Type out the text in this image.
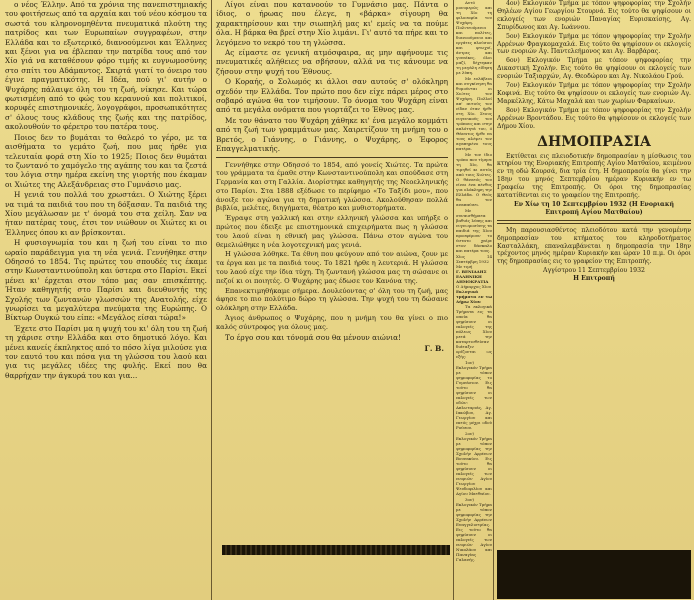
ο νέος Έλλην. Από τα χρόνια της πανεπιστημιακής του φοιτήσεως από τα αρχαία και τού νέου κόσμου τα σωστά του κληρονομηθέντα πνευματικά πλούτη της πατρίδος και των Ευρωπαίων συγγραφέων, στην Ελλάδα και το εξωτερικό, διανοούμενοι και Έλληνες και ξένοι για να έβλεπαν την πατρίδα τους από τον Χίο γιά να καταθέσουν φόρο τιμής κι ευγνωμοσύνης στο σπίτι του Αδάμαντος. Σκιρτά γιατί το όνειρο του έγινε πραγματικότης. Η Ιδέα, πού γι' αυτήν ο Ψυχάρης πάλαιψε όλη του τη ζωή, νίκησε. Και τώρα φωτισμένη από το φώς του κεραυνού και πολιτικοί, κορυφές επιστημονικές, λογογράφοι, προσωπικότητες σ' όλους τους κλάδους της ζωής και της πατρίδος, ακολουθούν το φέρετρο του πατέρα τους.

Ποιος δεν το βυμάται το θαλερό το γέρο, με τα αισθήματα το γεμάτο ζωή, που μας ήρθε για τελευταία φορά στη Χίο το 1925; Ποιος δεν θυμάται το ζωντανό το χαμόγελο της αγάπης του και τα ζεστά του λόγια στην ημέρα εκείνη της γιορτής που έκαμαν οι Χιώτες της Αλεξάνδρειας στο Γυμνάσιο μας.

Η γενιά του πολλά του χρωστάει. Ο Χιώτης ξέρει να τιμά τα παιδιά του που τη δόξασαν. Τα παιδιά της Χίου μεγάλωσαν με τ' όνομά του στα χείλη. Σαν να ήταν πατέρας τους, έτσι τον νιώθουν οι Χιώτες κι οι Έλληνες όπου κι αν βρίσκονται.

Η φυσιογνωμία του και η ζωή του είναι το πιο ωραίο παράδειγμα για τη νέα γενιά. Γεννήθηκε στην Οδησσό το 1854. Τις πρώτες του σπουδές τις έκαμε στην Κωνσταντινούπολη και ύστερα στο Παρίσι. Εκεί μένει κι' έρχεται στον τόπο μας σαν επισκέπτης. Ήταν καθηγητής στο Παρίσι και διευθυντής της Σχολής των ζωντανών γλωσσών της Ανατολής, είχε γνωρίσει τα μεγαλύτερα πνεύματα της Ευρώπης. Ο Βίκτωρ Ουγκώ του είπε: «Μεγάλος είσαι τώρα!»

Έχετε στο Παρίσι μα η ψυχή του κι' όλη του τη ζωή τη χάρισε στην Ελλάδα και στο δημοτικό λόγο. Και μένει κανείς έκπληκτος από το πόσο λίγα μιλούσε για τον εαυτό του και πόσα για τη γλώσσα του λαού και για τις μεγάλες ιδέες της φυλής. Εκεί που θα θαρρήχαν την άγκυρά του και για...

Λίγοι είναι που κατανοούν το Γυμνάσιο μας. Πάντα ο ίδιος, ο ήρωας που έλεγε, η «βάρκα» σίγουρη θα χαρακτηρίσουν και την σιωπηλή μας κι' εμείς να τα πούμε όλα. Η βάρκα θα βρεί στην Χίο λιμάνι. Γι' αυτό τα πήρε και το λεγόμενο το νεκρό του τη γλώσσα.

Ας είμαστε σε γενική ατμόσφαιρα, ας μην αφήνουμε τις πνευματικές αλήθειες να σβήσουν, αλλά να τις κάνουμε να ζήσουν στην ψυχή του Έθνους.

Ο Κοραής, ο Σολωμός κι άλλοι σαν αυτούς σ' ολόκληρη σχεδόν την Ελλάδα. Τον πρώτο που δεν είχε πάρει μέρος στο σοβαρό αγώνα θα τον τιμήσουν. Το όνομα του Ψυχάρη είναι από τα μεγάλα ονόματα που γιορτάζει το Έθνος μας.

Με τον θάνατο του Ψυχάρη χάθηκε κι' ένα μεγάλο κομμάτι από τη ζωή των γραμμάτων μας. Χαιρετίζουν τη μνήμη του ο Βρετός, ο Γιάννης, ο Γιάννης, ο Ψυχάρης, ο Έφορος Επαγγελματικής.

Γεννήθηκε στην Οδησσό το 1854, από γονείς Χιώτες. Τα πρώτα του γράμματα τα έμαθε στην Κωνσταντινούπολη και σπούδασε στη Γερμανία και στη Γαλλία. Διορίστηκε καθηγητής της Νεοελληνικής στο Παρίσι. Στα 1888 εξέδωσε το περίφημο «Το Ταξίδι μου», που άνοιξε τον αγώνα για τη δημοτική γλώσσα. Ακολούθησαν πολλά βιβλία, μελέτες, διηγήματα, θέατρο και μυθιστορήματα.

Έγραψε στη γαλλική και στην ελληνική γλώσσα και υπήρξε ο πρώτος που έδειξε με επιστημονικά επιχειρήματα πως η γλώσσα του λαού είναι η εθνική μας γλώσσα. Πάνω στον αγώνα του θεμελιώθηκε η νέα λογοτεχνική μας γενιά.

Η γλώσσα λόθηκε. Τα έθνη που φεύγουν από τον αιώνα, ζουν με τα έργα και με τα παιδιά τους. Το 1821 ήρθε η λευτεριά. Η γλώσσα του λαού είχε την ίδια τύχη. Τη ζωντανή γλώσσα μας τη σώσανε οι πεζοί κι οι ποιητές. Ο Ψυχάρης μας έδωσε τον Κανόνα της.

Επανεκτιμηθήκαμε σήμερα. Δουλεύοντας σ' όλη του τη ζωή, μας άφησε το πιο πολύτιμο δώρο τη γλώσσα. Την ψυχή του τη δώσανε ολόκληρη στην Ελλάδα.

Άγιος άνθρωπος ο Ψυχάρης, που η μνήμη του θα γίνει ο πιο καλός σύντροφος για όλους μας.

Το έργο σου και τόνομά σου θα μένουν αιώνια!
Γ. Β.

Αυτό μονομερώς και τη Χίο τη φιλοσοφία του Ψυχάρη. Πολιτευόμενοι και πολίτες, διανοούμενοι και εργάτες πλούσιοι και φτωχοί, άντρες και γυναίκες, όλοι μαζί, δέχτηκαν τη μεγάλη είδηση με λύπη.

Με ευλάβεια και συγκίνηση θα θυμούνται οι Χιώτες τον Ψυχάρη. Πολλοί απ' αυτούς τον είδαν όταν ήρθε στη Χίο. Στους ευγενικούς του τρόπους και στην απλότητά του, ό Θάνατος ήρθε να τους κλέψει τον αγαπημένο τους πατέρα.

Με τον ίδιο τρόπο που τίμησε τη Χίο, θα τιμηθεί κι αυτός από τους Χιώτες. Ο θάνατός του είναι ένα πένθος για ολόκληρη την Ελλάδα. Ο Θεός θα τον αναπαύσει.

Με συναισθήματα βαθιάς λύπης και ευγνωμοσύνης τα παιδιά της Χίου προσφέρουν το ύστατο χαίρε στον δάσκαλο και πατέρα τους.

Χίος 14 Σεπτέμβρη 1932
Με τιμή
Γ. ΒΕΝΙΑΔΗΣ
ΕΛΛΗΝΙΚΗ ΔΗΜΟΚΡΑΤΙΑ
Ο Δήμαρχος Χίου
Εκλογικά τμήματα εν τω Δήμω Χίου

Τα εκλογικά Τμήματα εις τα οποία θα ψηφίσουν οι εκλογείς της πόλεως Χίου μετά την καταρτισθείσαν διάταξιν ορίζονται ως εξής:

1ον) Εκλογικόν Τμήμα με τόπον ψηφοφορίας το Γυμνάσιον. Εις τούτο θα ψηφίσουν οι εκλογείς των οδών: Απλωταριάς, Αγ. Ιακώβου, Αγ. Γεωργίου και εκτός μέχρι οδού Ρούσου.

2ον) Εκλογικόν Τμήμα με τόπον ψηφοφορίας την Σχολήν Αρρένων Βουνακίου. Εις τούτο θα ψηφίσουν οι εκλογείς των ενοριών Αγίου Γεωργίου Ψευδοφιλίου και Αγίου Ματθαίου.

3ον) Εκλογικόν Τμήμα με τόπον ψηφοφορίας την Σχολήν Αρρένων Ευαγγελιστρίας. Εις τούτο θα ψηφίσουν οι εκλογείς των ενοριών Αγίου Νικολάου και Παναγίας Γαλανής.

4ον) Εκλογικόν Τμήμα με τόπον ψηφοφορίας την Σχολήν Θηλέων Αγίου Γεωργίου Στουρνά. Εις τούτο θα ψηφίσουν οι εκλογείς των ενοριών Παναγίας Ευρισκαίσης, Αγ. Σπυρίδωνος και Αγ. Ιωάννου.

5ον) Εκλογικόν Τμήμα με τόπον ψηφοφορίας την Σχολήν Αρρένων Φραγκομαχαλά. Εις τούτο θα ψηφίσουν οι εκλογείς των ενοριών Αγ. Παντελεήμονος και Αγ. Βαρβάρας.

6ον) Εκλογικόν Τμήμα με τόπον ψηφοφορίας την Δικαστική Σχολήν. Εις τούτο θα ψηφίσουν οι εκλογείς των ενοριών Ταξιαρχών, Αγ. Θεοδώρου και Αγ. Νικολάου Γρού.

7ον) Εκλογικόν Τμήμα με τόπον ψηφοφορίας την Σχολήν Κοφινά. Εις τούτο θα ψηφίσουν οι εκλογείς των ενοριών Αγ. Μαρκέλλης, Κάτω Μαχαλά και των χωρίων Φαρκαίνων.

8ον) Εκλογικόν Τμήμα με τόπον ψηφοφορίας την Σχολήν Αρρένων Βροντάδου. Εις τούτο θα ψηφίσουν οι εκλογείς των Δήμου Χίου.

ΔΗΜΟΠΡΑΣΙΑ

Εκτίθεται εις πλειοδοτικήν δημοπρασίαν η μίσθωσις του κτηρίου της Ενοριακής Επιτροπής Αγίου Ματθαίου, κειμένου εν τη οδώ Κουρσά, δια τρία έτη. Η δημοπρασία θα γίνει την 18ην του μηνός Σεπτεμβρίου ημέραν Κυριακήν εν τω Γραφείω της Επιτροπής. Οι όροι της δημοπρασίας κατατίθενται εις το γραφείον της Επιτροπής.

Εν Χίω τη 10 Σεπτεμβρίου 1932 (Η Ενοριακή Επιτροπή Αγίου Ματθαίου)

Μη παρουσιασθέντος πλειοδότου κατά την γενομένην δημοπρασίαν του κτήματος του κληροδοτήματος Κασταλλάκη, επαναλαμβάνεται η δημοπρασία την 18ην τρέχοντος μηνός ημέραν Κυριακήν και ώραν 10 π.μ. Οι όροι της δημοπρασίας εις το γραφείον της Επιτροπής.

Αγγίστρου 11 Σεπτεμβρίου 1932
Η Επιτροπή
